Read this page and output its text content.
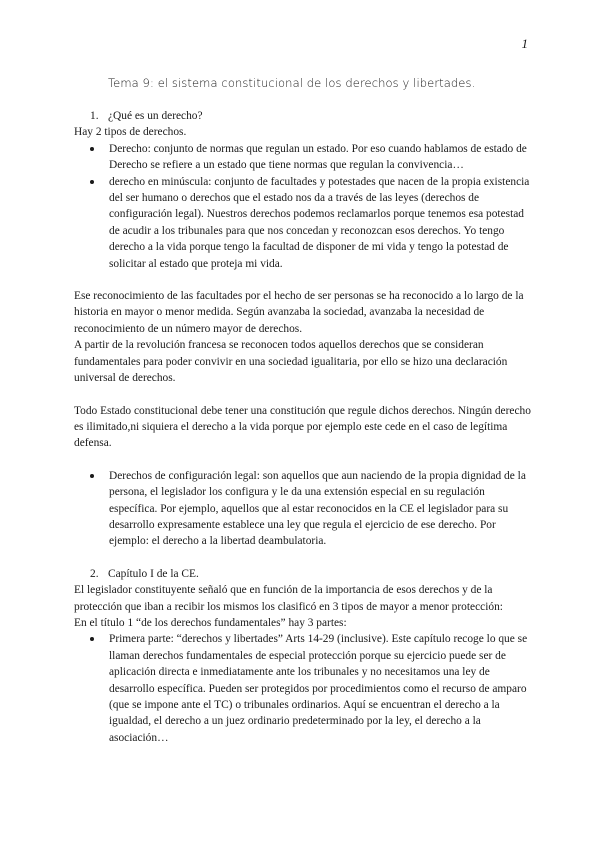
1
Tema 9: el sistema constitucional de los derechos y libertades.
1. ¿Qué es un derecho?

Hay 2 tipos de derechos.

Derecho: conjunto de normas que regulan un estado. Por eso cuando hablamos de estado de Derecho se refiere a un estado que tiene normas que regulan la convivencia…
derecho en minúscula: conjunto de facultades y potestades que nacen de la propia existencia del ser humano o derechos que el estado nos da a través de las leyes (derechos de configuración legal). Nuestros derechos podemos reclamarlos porque tenemos esa potestad de acudir a los tribunales para que nos concedan y reconozcan esos derechos. Yo tengo derecho a la vida porque tengo la facultad de disponer de mi vida y tengo la potestad de solicitar al estado que proteja mi vida.

Ese reconocimiento de las facultades por el hecho de ser personas se ha reconocido a lo largo de la historia en mayor o menor medida. Según avanzaba la sociedad, avanzaba la necesidad de reconocimiento de un número mayor de derechos.

A partir de la revolución francesa se reconocen todos aquellos derechos que se consideran fundamentales para poder convivir en una sociedad igualitaria, por ello se hizo una declaración universal de derechos.

Todo Estado constitucional debe tener una constitución que regule dichos derechos. Ningún derecho es ilimitado,ni siquiera el derecho a la vida porque por ejemplo este cede en el caso de legítima defensa.

Derechos de configuración legal: son aquellos que aun naciendo de la propia dignidad de la persona, el legislador los configura y le da una extensión especial en su regulación específica. Por ejemplo, aquellos que al estar reconocidos en la CE el legislador para su desarrollo expresamente establece una ley que regula el ejercicio de ese derecho. Por ejemplo: el derecho a la libertad deambulatoria.
2. Capítulo I de la CE.

El legislador constituyente señaló que en función de la importancia de esos derechos y de la protección que iban a recibir los mismos los clasificó en 3 tipos de mayor a menor protección:

En el título 1 “de los derechos fundamentales” hay 3 partes:

Primera parte: “derechos y libertades” Arts 14-29 (inclusive). Este capítulo recoge lo que se llaman derechos fundamentales de especial protección porque su ejercicio puede ser de aplicación directa e inmediatamente ante los tribunales y no necesitamos una ley de desarrollo específica. Pueden ser protegidos por procedimientos como el recurso de amparo (que se impone ante el TC) o tribunales ordinarios. Aquí se encuentran el derecho a la igualdad, el derecho a un juez ordinario predeterminado por la ley, el derecho a la asociación…
